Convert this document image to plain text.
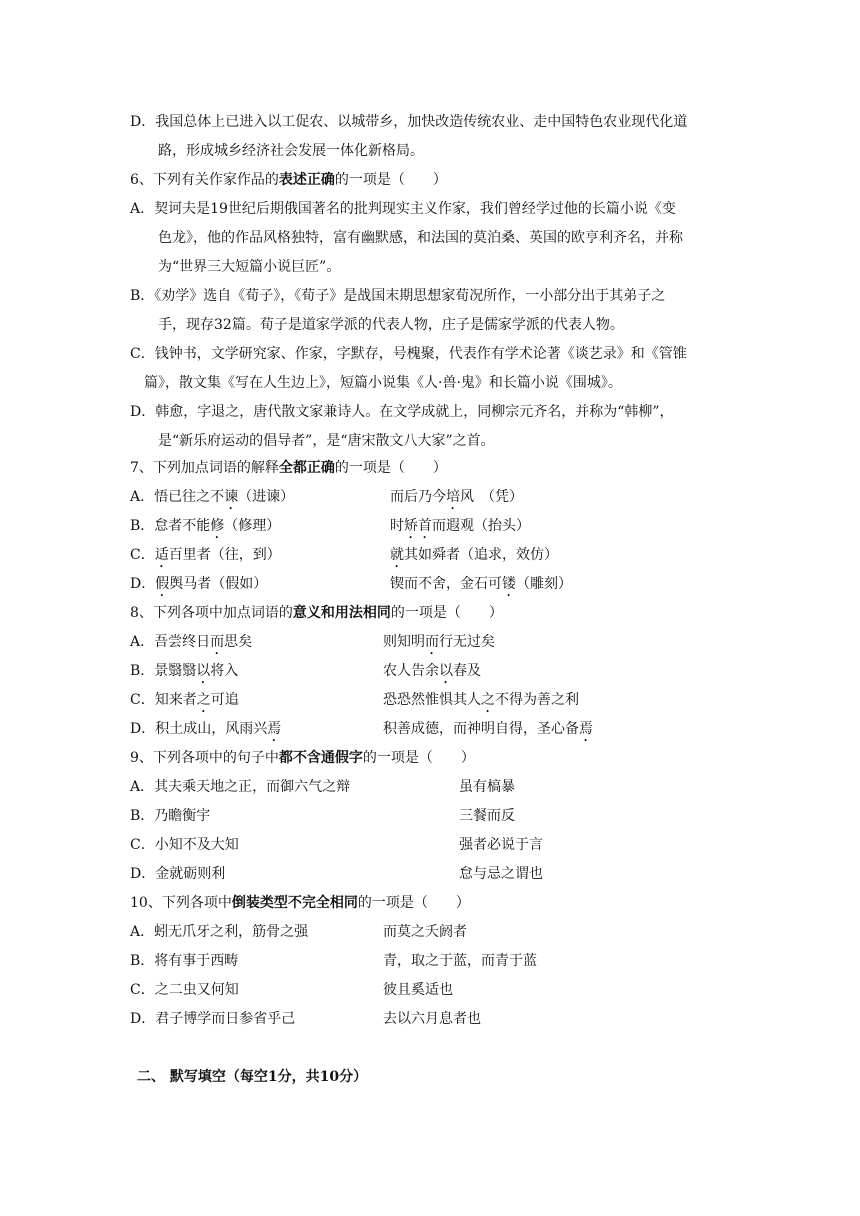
D．我国总体上已进入以工促农、以城带乡，加快改造传统农业、走中国特色农业现代化道
路，形成城乡经济社会发展一体化新格局。
6、下列有关作家作品的表述正确的一项是（　　）
A．契诃夫是19世纪后期俄国著名的批判现实主义作家，我们曾经学过他的长篇小说《变
色龙》，他的作品风格独特，富有幽默感，和法国的莫泊桑、英国的欧亨利齐名，并称
为“世界三大短篇小说巨匠”。
B．《劝学》选自《荀子》，《荀子》是战国末期思想家荀况所作，一小部分出于其弟子之
手，现存32篇。荀子是道家学派的代表人物，庄子是儒家学派的代表人物。
C．钱钟书，文学研究家、作家，字默存，号槐聚，代表作有学术论著《谈艺录》和《管锥
篇》，散文集《写在人生边上》，短篇小说集《人·兽·鬼》和长篇小说《围城》。
D．韩愈，字退之，唐代散文家兼诗人。在文学成就上，同柳宗元齐名，并称为“韩柳”，
是“新乐府运动的倡导者”，是“唐宋散文八大家”之首。
7、下列加点词语的解释全都正确的一项是（　　）
A．悟已往之不谏（进谏）	而后乃今培风　（凭）
B．怠者不能修（修理）	时矫首而遐观（抬头）
C．适百里者（往，到）	就其如舜者（追求，效仿）
D．假舆马者（假如）	锲而不舍，金石可镂（雕刻）
8、下列各项中加点词语的意义和用法相同的一项是（　　）
A．吾尝终日而思矣	则知明而行无过矣
B．景翳翳以将入	农人告余以春及
C．知来者之可追	恐恐然惟惧其人之不得为善之利
D．积土成山，风雨兴焉	积善成德，而神明自得，圣心备焉
9、下列各项中的句子中都不含通假字的一项是（　　）
A．其夫乘天地之正，而御六气之辩	虽有槁暴
B．乃瞻衡宇	三餐而反
C．小知不及大知	强者必说于言
D．金就砺则利	怠与忌之谓也
10、下列各项中倒装类型不完全相同的一项是（　　）
A．蚓无爪牙之利，筋骨之强	而莫之夭阏者
B．将有事于西畴	青，取之于蓝，而青于蓝
C．之二虫又何知	彼且奚适也
D．君子博学而日参省乎己	去以六月息者也
二、 默写填空（每空1分，共10分）
